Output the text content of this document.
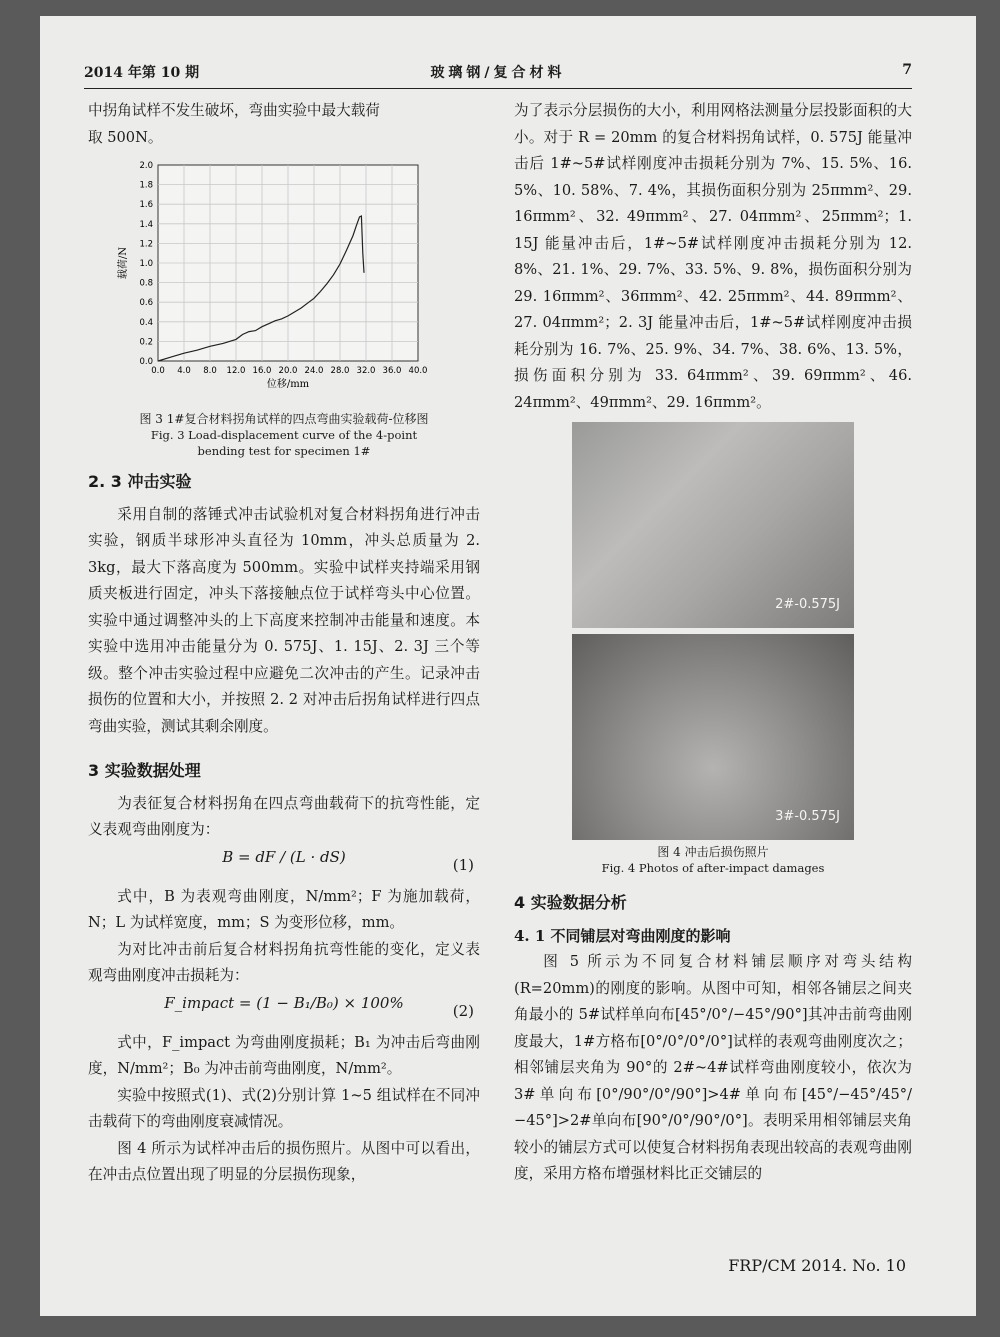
2014 年第 10 期	玻璃钢/复合材料	7

中拐角试样不发生破坏，弯曲实验中最大载荷

取 500N。

0.0 4.0 8.0 12.0 16.0 20.0 24.0 28.0 32.0 36.0 40.0
0.0
0.2
0.4
0.6
0.8
1.0
1.2
1.4
1.6
1.8
2.0
位移/mm
载荷/N
图 3 1#复合材料拐角试样的四点弯曲实验载荷-位移图
Fig. 3 Load-displacement curve of the 4-point
bending test for specimen 1#
2. 3 冲击实验

采用自制的落锤式冲击试验机对复合材料拐角进行冲击实验，钢质半球形冲头直径为 10mm，冲头总质量为 2. 3kg，最大下落高度为 500mm。实验中试样夹持端采用钢质夹板进行固定，冲头下落接触点位于试样弯头中心位置。实验中通过调整冲头的上下高度来控制冲击能量和速度。本实验中选用冲击能量分为 0. 575J、1. 15J、2. 3J 三个等级。整个冲击实验过程中应避免二次冲击的产生。记录冲击损伤的位置和大小，并按照 2. 2 对冲击后拐角试样进行四点弯曲实验，测试其剩余刚度。

3 实验数据处理

为表征复合材料拐角在四点弯曲载荷下的抗弯性能，定义表观弯曲刚度为：

B = dF / (L · dS)	(1)

式中，B 为表观弯曲刚度，N/mm²；F 为施加载荷，N；L 为试样宽度，mm；S 为变形位移，mm。

为对比冲击前后复合材料拐角抗弯性能的变化，定义表观弯曲刚度冲击损耗为：

F_impact = (1 − B₁/B₀) × 100%	(2)

式中，F_impact 为弯曲刚度损耗；B₁ 为冲击后弯曲刚度，N/mm²；B₀ 为冲击前弯曲刚度，N/mm²。

实验中按照式(1)、式(2)分别计算 1~5 组试样在不同冲击载荷下的弯曲刚度衰减情况。

图 4 所示为试样冲击后的损伤照片。从图中可以看出，在冲击点位置出现了明显的分层损伤现象，

为了表示分层损伤的大小，利用网格法测量分层投影面积的大小。对于 R = 20mm 的复合材料拐角试样，0. 575J 能量冲击后 1#~5#试样刚度冲击损耗分别为 7%、15. 5%、16. 5%、10. 58%、7. 4%，其损伤面积分别为 25πmm²、29. 16πmm²、32. 49πmm²、27. 04πmm²、25πmm²；1. 15J 能量冲击后，1#~5#试样刚度冲击损耗分别为 12. 8%、21. 1%、29. 7%、33. 5%、9. 8%，损伤面积分别为 29. 16πmm²、36πmm²、42. 25πmm²、44. 89πmm²、27. 04πmm²；2. 3J 能量冲击后，1#~5#试样刚度冲击损耗分别为 16. 7%、25. 9%、34. 7%、38. 6%、13. 5%，损伤面积分别为 33. 64πmm²、39. 69πmm²、46. 24πmm²、49πmm²、29. 16πmm²。

2#-0.575J
3#-0.575J
图 4 冲击后损伤照片
Fig. 4 Photos of after-impact damages
4 实验数据分析
4. 1 不同铺层对弯曲刚度的影响

图 5 所示为不同复合材料铺层顺序对弯头结构(R=20mm)的刚度的影响。从图中可知，相邻各铺层之间夹角最小的 5#试样单向布[45°/0°/−45°/90°]其冲击前弯曲刚度最大，1#方格布[0°/0°/0°/0°]试样的表观弯曲刚度次之；相邻铺层夹角为 90°的 2#~4#试样弯曲刚度较小，依次为 3#单向布[0°/90°/0°/90°]>4#单向布[45°/−45°/45°/−45°]>2#单向布[90°/0°/90°/0°]。表明采用相邻铺层夹角较小的铺层方式可以使复合材料拐角表现出较高的表观弯曲刚度，采用方格布增强材料比正交铺层的

FRP/CM 2014. No. 10
